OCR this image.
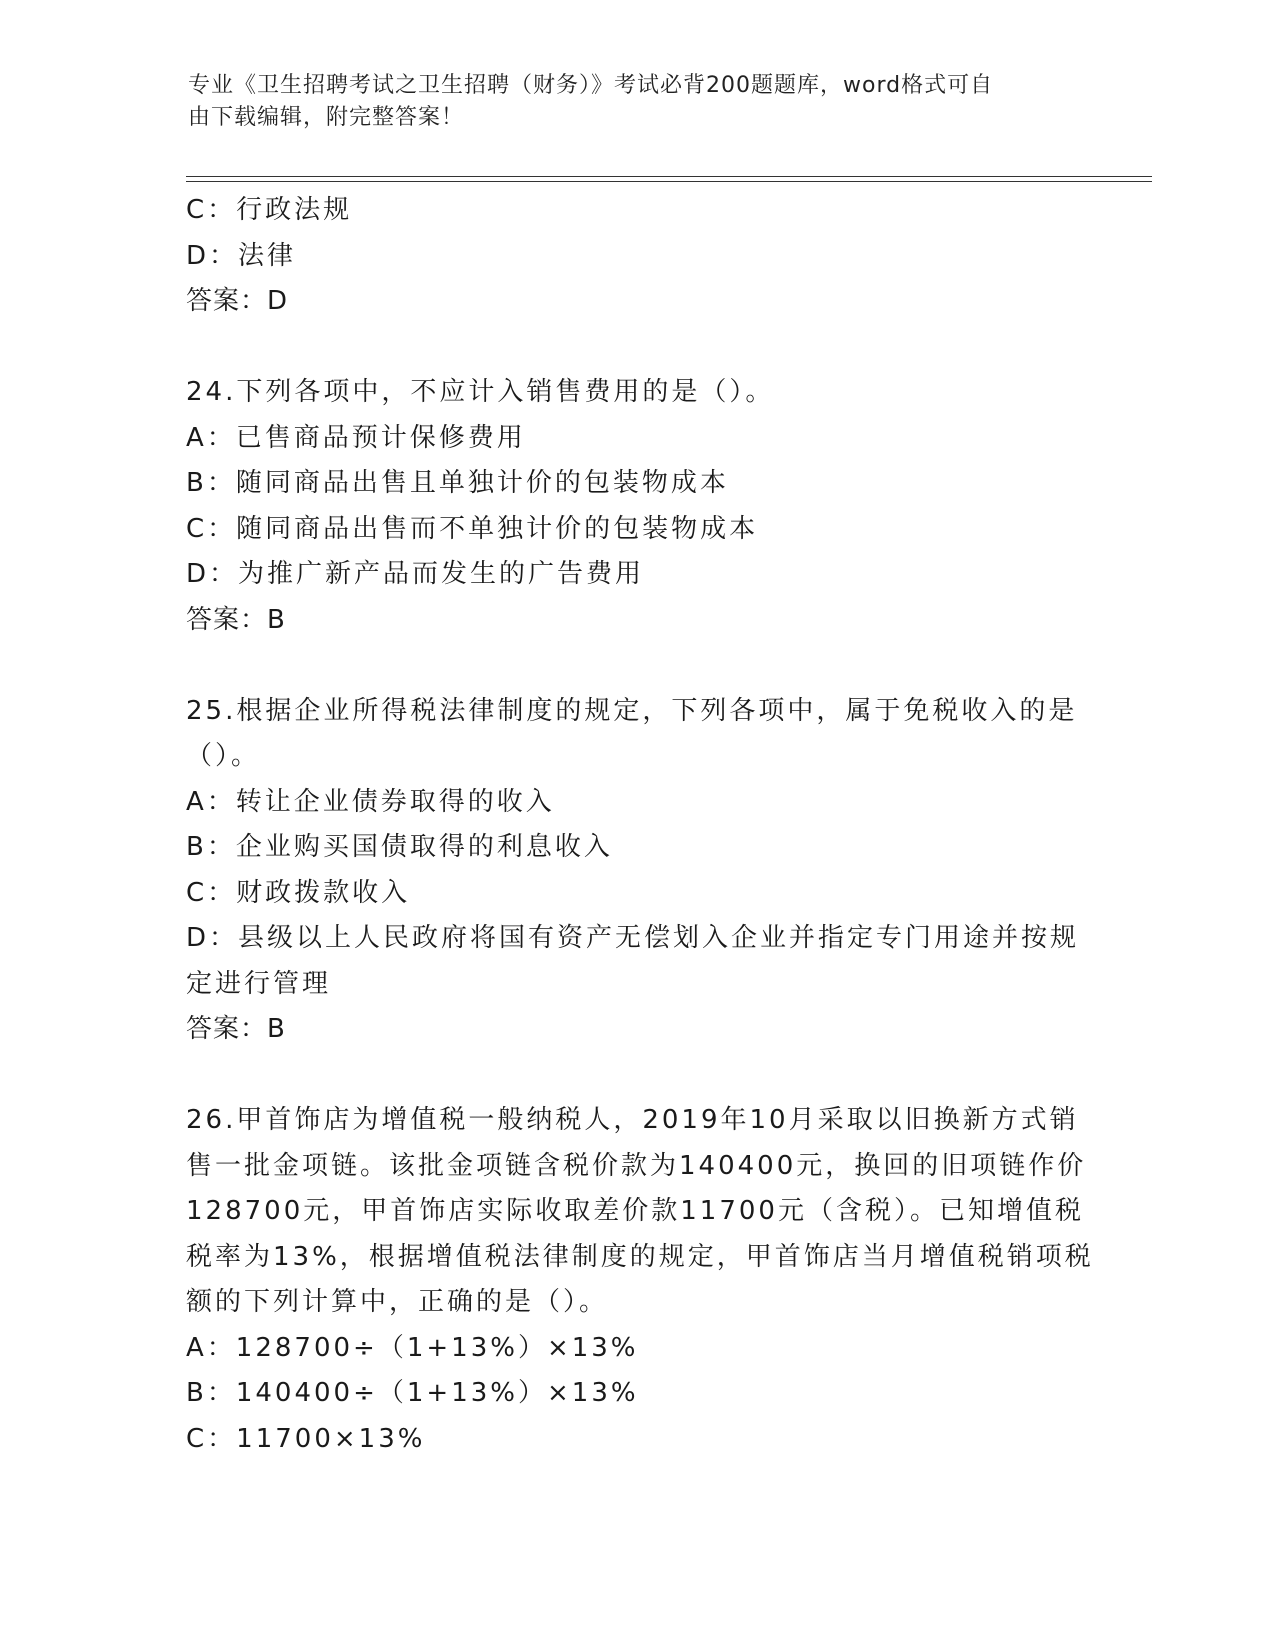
专业《卫生招聘考试之卫生招聘（财务）》考试必背200题题库，word格式可自
由下载编辑，附完整答案！

C：行政法规

D：法律

答案：D

24.下列各项中，不应计入销售费用的是（）。

A：已售商品预计保修费用

B：随同商品出售且单独计价的包装物成本

C：随同商品出售而不单独计价的包装物成本

D：为推广新产品而发生的广告费用

答案：B

25.根据企业所得税法律制度的规定，下列各项中，属于免税收入的是

（）。

A：转让企业债券取得的收入

B：企业购买国债取得的利息收入

C：财政拨款收入

D：县级以上人民政府将国有资产无偿划入企业并指定专门用途并按规

定进行管理

答案：B

26.甲首饰店为增值税一般纳税人，2019年10月采取以旧换新方式销

售一批金项链。该批金项链含税价款为140400元，换回的旧项链作价

128700元，甲首饰店实际收取差价款11700元（含税）。已知增值税

税率为13%，根据增值税法律制度的规定，甲首饰店当月增值税销项税

额的下列计算中，正确的是（）。

A：128700÷（1+13%）×13%

B：140400÷（1+13%）×13%

C：11700×13%
